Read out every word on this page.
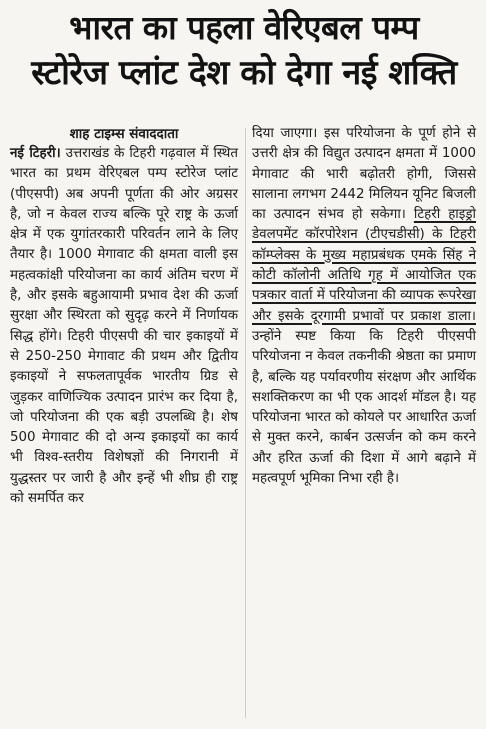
भारत का पहला वेरिएबल पम्प

स्टोरेज प्लांट देश को देगा नई शक्ति

शाह टाइम्स संवाददाता

नई टिहरी। उत्तराखंड के टिहरी गढ़वाल में स्थित भारत का प्रथम वेरिएबल पम्प स्टोरेज प्लांट (पीएसपी) अब अपनी पूर्णता की ओर अग्रसर है, जो न केवल राज्य बल्कि पूरे राष्ट्र के ऊर्जा क्षेत्र में एक युगांतरकारी परिवर्तन लाने के लिए तैयार है। 1000 मेगावाट की क्षमता वाली इस महत्वकांक्षी परियोजना का कार्य अंतिम चरण में है, और इसके बहुआयामी प्रभाव देश की ऊर्जा सुरक्षा और स्थिरता को सुदृढ़ करने में निर्णायक सिद्ध होंगे। टिहरी पीएसपी की चार इकाइयों में से 250-250 मेगावाट की प्रथम और द्वितीय इकाइयों ने सफलतापूर्वक भारतीय ग्रिड से जुड़कर वाणिज्यिक उत्पादन प्रारंभ कर दिया है, जो परियोजना की एक बड़ी उपलब्धि है। शेष 500 मेगावाट की दो अन्य इकाइयों का कार्य भी विश्व-स्तरीय विशेषज्ञों की निगरानी में युद्धस्तर पर जारी है और इन्हें भी शीघ्र ही राष्ट्र को समर्पित कर

दिया जाएगा। इस परियोजना के पूर्ण होने से उत्तरी क्षेत्र की विद्युत उत्पादन क्षमता में 1000 मेगावाट की भारी बढ़ोतरी होगी, जिससे सालाना लगभग 2442 मिलियन यूनिट बिजली का उत्पादन संभव हो सकेगा। टिहरी हाइड्रो डेवलपमेंट कॉरपोरेशन (टीएचडीसी) के टिहरी कॉम्प्लेक्स के मुख्य महाप्रबंधक एमके सिंह ने कोटी कॉलोनी अतिथि गृह में आयोजित एक पत्रकार वार्ता में परियोजना की व्यापक रूपरेखा और इसके दूरगामी प्रभावों पर प्रकाश डाला। उन्होंने स्पष्ट किया कि टिहरी पीएसपी परियोजना न केवल तकनीकी श्रेष्ठता का प्रमाण है, बल्कि यह पर्यावरणीय संरक्षण और आर्थिक सशक्तिकरण का भी एक आदर्श मॉडल है। यह परियोजना भारत को कोयले पर आधारित ऊर्जा से मुक्त करने, कार्बन उत्सर्जन को कम करने और हरित ऊर्जा की दिशा में आगे बढ़ाने में महत्वपूर्ण भूमिका निभा रही है।
